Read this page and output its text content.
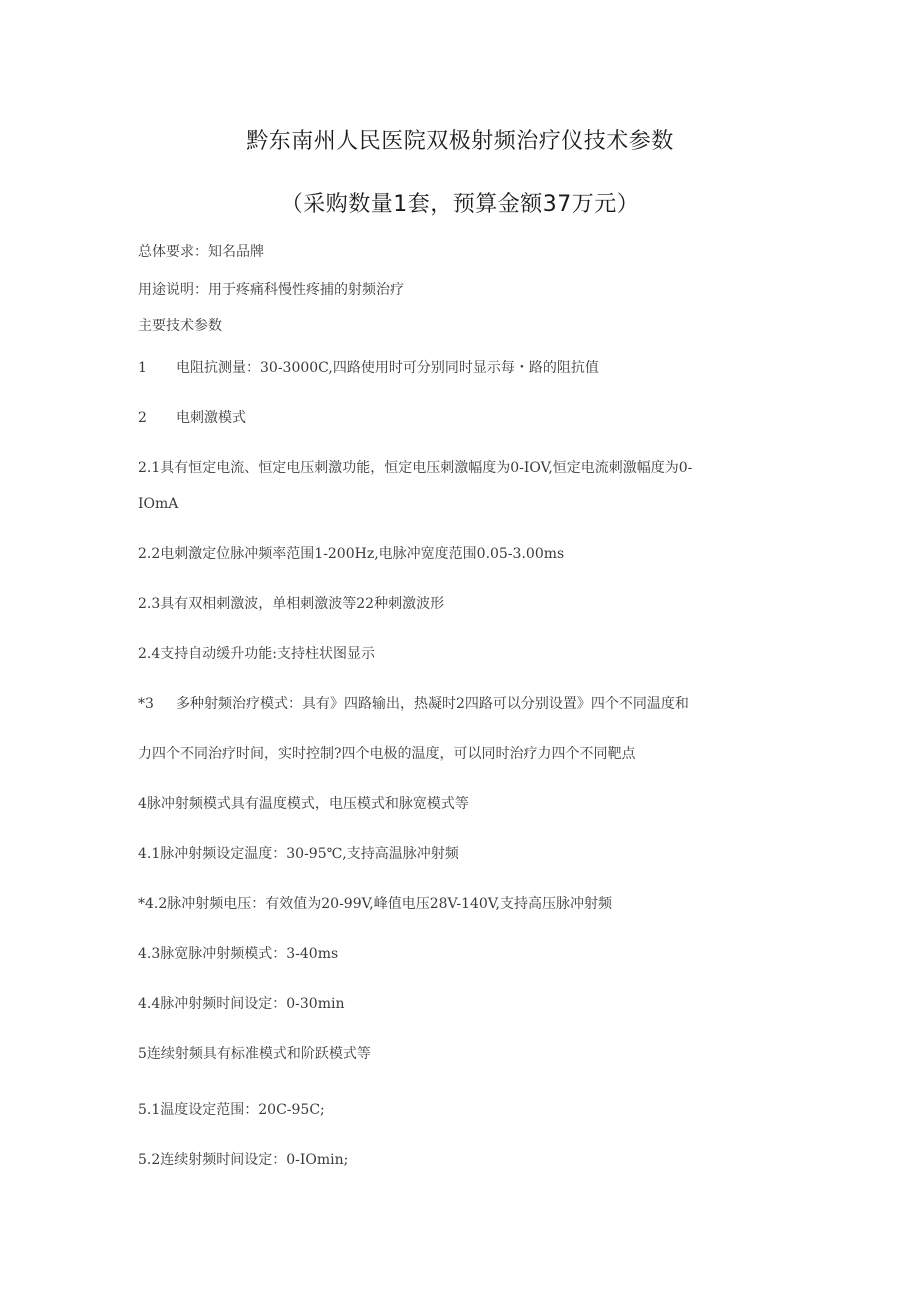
黔东南州人民医院双极射频治疗仪技术参数
（采购数量1套，预算金额37万元）
总体要求：知名品牌
用途说明：用于疼痛科慢性疼捕的射频治疗
主要技术参数
1 电阻抗测量：30-3000C,四路使用时可分别同时显示每・路的阻抗值
2 电刺激模式
2.1具有恒定电流、恒定电压刺激功能，恒定电压刺激幅度为0-IOV,恒定电流刺激幅度为0-
IOmA
2.2电刺激定位脉冲频率范围1-200Hz,电脉冲宽度范围0.05-3.00ms
2.3具有双相刺激波，单相刺激波等22种刺激波形
2.4支持自动缓升功能:支持柱状图显示
*3 多种射频治疗模式：具有》四路输出，热凝时2四路可以分别设置》四个不同温度和
力四个不同治疗时间，实时控制?四个电极的温度，可以同时治疗力四个不同靶点
4脉冲射频模式具有温度模式，电压模式和脉宽模式等
4.1脉冲射频设定温度：30-95℃,支持高温脉冲射频
*4.2脉冲射频电压：有效值为20-99V,峰值电压28V-140V,支持高压脉冲射频
4.3脉宽脉冲射频模式：3-40ms
4.4脉冲射频时间设定：0-30min
5连续射频具有标准模式和阶跃模式等
5.1温度设定范围：20C-95C;
5.2连续射频时间设定：0-IOmin;
